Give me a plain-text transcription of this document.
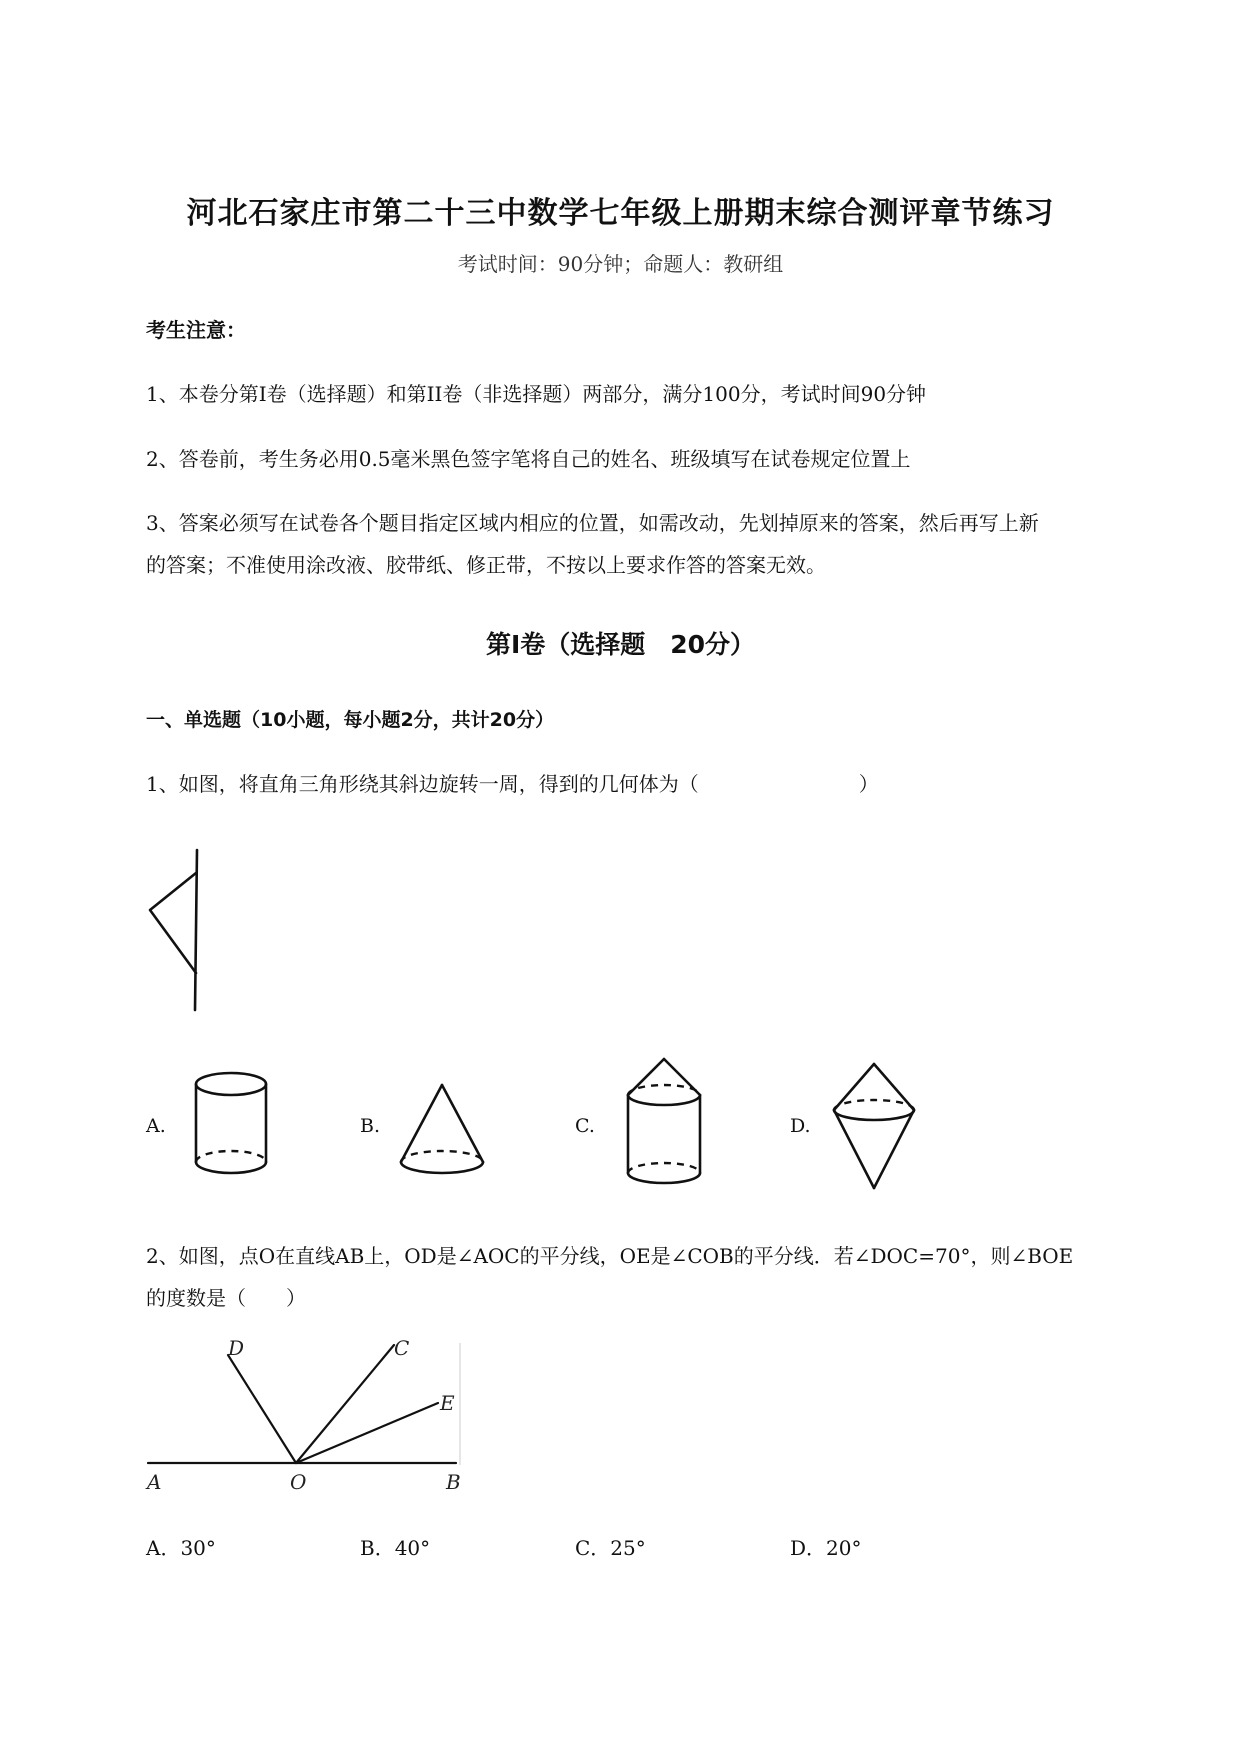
河北石家庄市第二十三中数学七年级上册期末综合测评章节练习
考试时间：90分钟；命题人：教研组
考生注意：
1、本卷分第I卷（选择题）和第II卷（非选择题）两部分，满分100分，考试时间90分钟
2、答卷前，考生务必用0.5毫米黑色签字笔将自己的姓名、班级填写在试卷规定位置上
3、答案必须写在试卷各个题目指定区域内相应的位置，如需改动，先划掉原来的答案，然后再写上新
的答案；不准使用涂改液、胶带纸、修正带，不按以上要求作答的答案无效。
第I卷（选择题　20分）
一、单选题（10小题，每小题2分，共计20分）
1、如图，将直角三角形绕其斜边旋转一周，得到的几何体为（　　　　　　　　）
A.	B.	C.	D.
2、如图，点O在直线AB上，OD是∠AOC的平分线，OE是∠COB的平分线．若∠DOC=70°，则∠BOE
的度数是（　　）
D	C
E
A	O	B
A．30°	B．40°	C．25°	D．20°
